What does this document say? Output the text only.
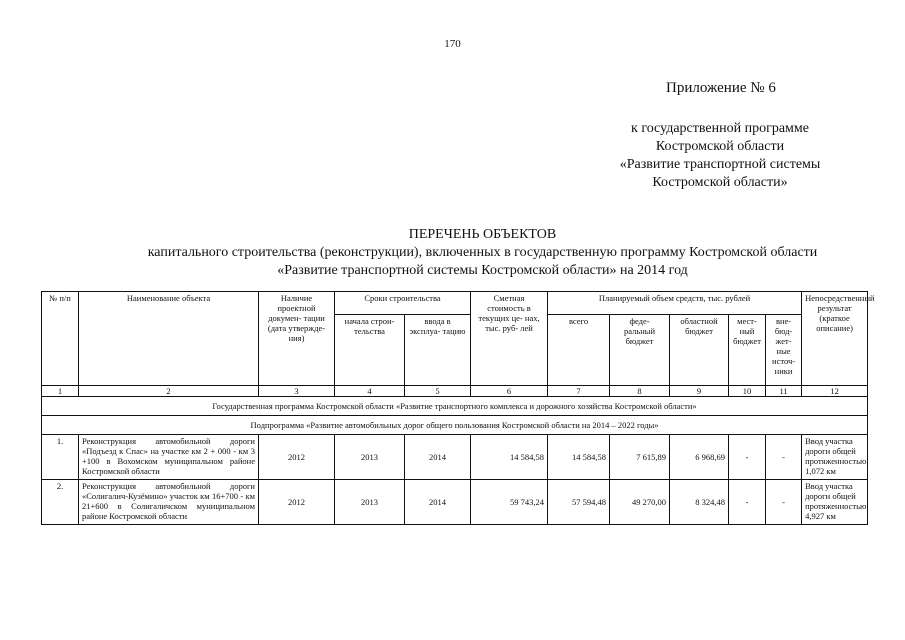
170
Приложение № 6
к государственной программе
Костромской области
«Развитие транспортной системы
Костромской области»
ПЕРЕЧЕНЬ ОБЪЕКТОВ
капитального строительства (реконструкции), включенных в государственную программу Костромской области
«Развитие транспортной системы Костромской области» на 2014 год
№ п/п	Наименование объекта	Наличие проектной докумен- тации (дата утвержде- ния)	Сроки строительства		Сметная стоимость в текущих це- нах, тыс. руб- лей	Планируемый объем средств, тыс. рублей					Непосредственный результат (краткое описание)
			начала строи- тельства	ввода в эксплуа- тацию		всего	феде- ральный бюджет	областной бюджет	мест- ный бюджет	вне- бюд- жет- ные источ- ники	
1	2	3	4	5	6	7	8	9	10	11	12
Государственная программа Костромской области «Развитие транспортного комплекса и дорожного хозяйства Костромской области»											
Подпрограмма «Развитие автомобильных дорог общего пользования Костромской области на 2014 – 2022 годы»											
1.	Реконструкция автомобильной дороги «Подъезд к Спас» на участке км 2 + 000 - км 3 +100 в Вохомском муниципальном районе Костромской области	2012	2013	2014	14 584,58	14 584,58	7 615,89	6 968,69	-	-	Ввод участка дороги общей протяженностью 1,072 км
2.	Реконструкция автомобильной дороги «Солигалич-Кузёмино» участок км 16+700 - км 21+600 в Солигаличском муниципальном районе Костромской области	2012	2013	2014	59 743,24	57 594,48	49 270,00	8 324,48	-	-	Ввод участка дороги общей протяженностью 4,927 км
